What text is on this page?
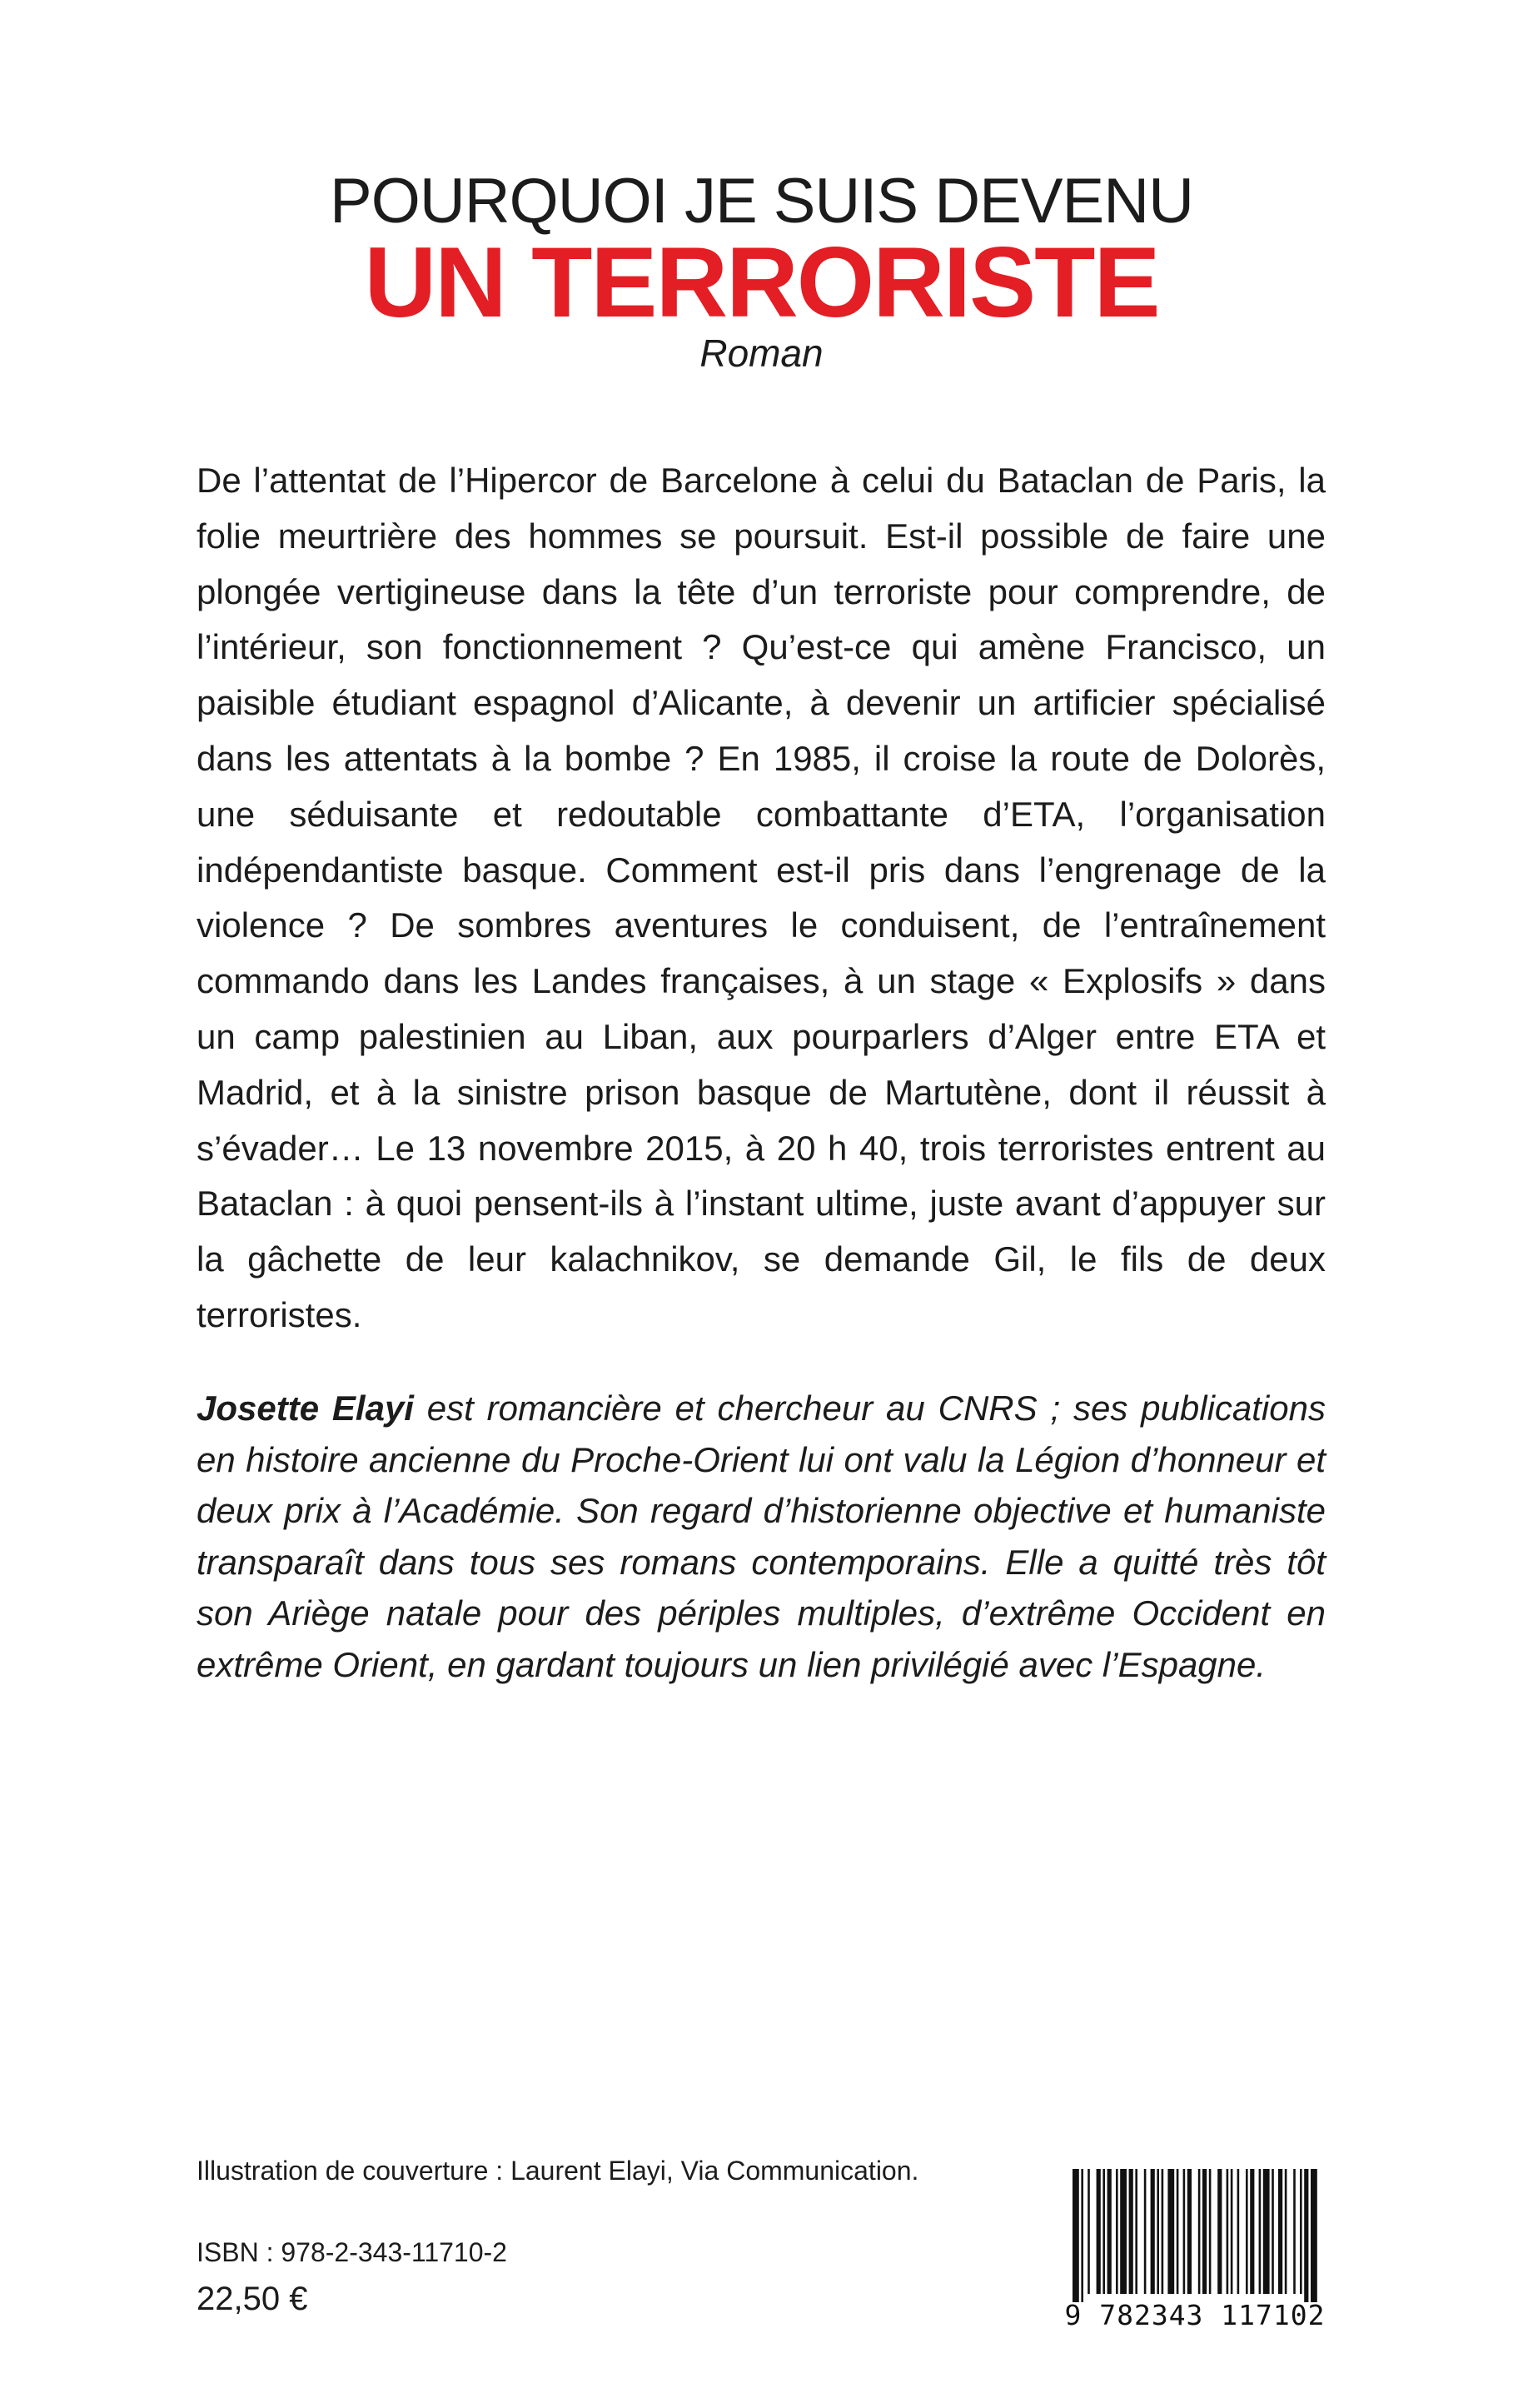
POURQUOI JE SUIS DEVENU
UN TERRORISTE
Roman

De l’attentat de l’Hipercor de Barcelone à celui du Bataclan de Paris, la folie meurtrière des hommes se poursuit. Est-il possible de faire une plongée vertigineuse dans la tête d’un terroriste pour comprendre, de l’intérieur, son fonctionnement ? Qu’est-ce qui amène Francisco, un paisible étudiant espagnol d’Alicante, à devenir un artificier spécialisé dans les attentats à la bombe ? En 1985, il croise la route de Dolorès, une séduisante et redoutable combattante d’ETA, l’organisation indépendantiste basque. Comment est-il pris dans l’engrenage de la violence ? De sombres aventures le conduisent, de l’entraînement commando dans les Landes françaises, à un stage « Explosifs » dans un camp palestinien au Liban, aux pourparlers d’Alger entre ETA et Madrid, et à la sinistre prison basque de Martutène, dont il réussit à s’évader… Le 13 novembre 2015, à 20 h 40, trois terroristes entrent au Bataclan : à quoi pensent-ils à l’instant ultime, juste avant d’appuyer sur la gâchette de leur kalachnikov, se demande Gil, le fils de deux terroristes.

Josette Elayi est romancière et chercheur au CNRS ; ses publications en histoire ancienne du Proche-Orient lui ont valu la Légion d’honneur et deux prix à l’Académie. Son regard d’historienne objective et humaniste transparaît dans tous ses romans contemporains. Elle a quitté très tôt son Ariège natale pour des périples multiples, d’extrême Occident en extrême Orient, en gardant toujours un lien privilégié avec l’Espagne.

Illustration de couverture : Laurent Elayi, Via Communication.
ISBN : 978-2-343-11710-2
22,50 €	9 782343 117102
